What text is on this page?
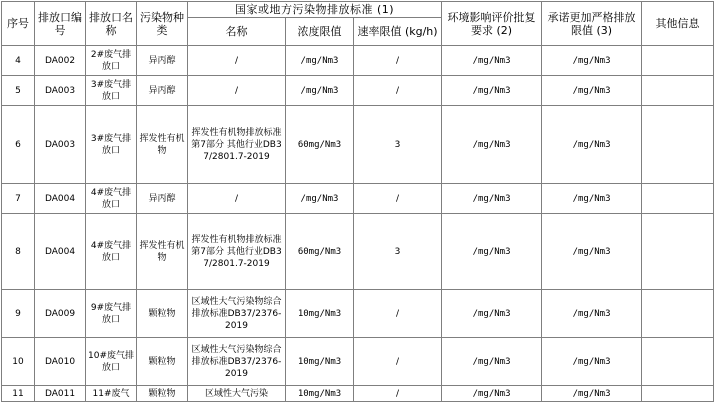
序号	排放口编号	排放口名称	污染物种类	国家或地方污染物排放标准 (1)			环境影响评价批复要求 (2)	承诺更加严格排放限值 (3)	其他信息
				名称	浓度限值	速率限值 (kg/h)			
4	DA002	2#废气排放口	异丙醇	/	/mg/Nm3	/	/mg/Nm3	/mg/Nm3	
5	DA003	3#废气排放口	异丙醇	/	/mg/Nm3	/	/mg/Nm3	/mg/Nm3	
6	DA003	3#废气排放口	挥发性有机物	挥发性有机物排放标准 第7部分 其他行业DB37/2801.7-2019	60mg/Nm3	3	/mg/Nm3	/mg/Nm3	
7	DA004	4#废气排放口	异丙醇	/	/mg/Nm3	/	/mg/Nm3	/mg/Nm3	
8	DA004	4#废气排放口	挥发性有机物	挥发性有机物排放标准 第7部分 其他行业DB37/2801.7-2019	60mg/Nm3	3	/mg/Nm3	/mg/Nm3	
9	DA009	9#废气排放口	颗粒物	区域性大气污染物综合排放标准DB37/2376-2019	10mg/Nm3	/	/mg/Nm3	/mg/Nm3	
10	DA010	10#废气排放口	颗粒物	区域性大气污染物综合排放标准DB37/2376-2019	10mg/Nm3	/	/mg/Nm3	/mg/Nm3	
11	DA011	11#废气	颗粒物	区域性大气污染	10mg/Nm3	/	/mg/Nm3	/mg/Nm3	
